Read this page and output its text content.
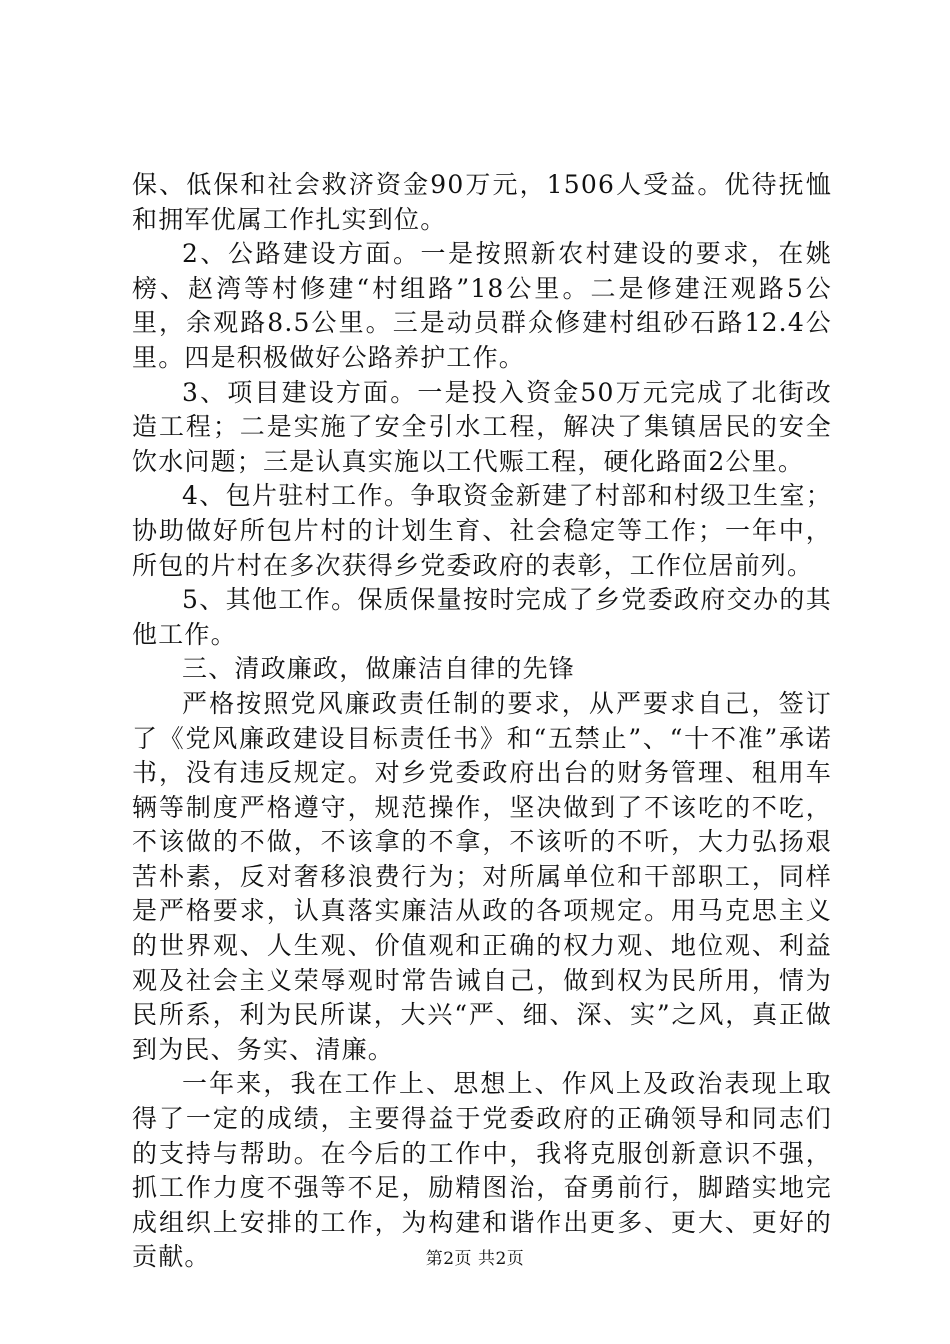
保、低保和社会救济资金90万元，1506人受益。优待抚恤和拥军优属工作扎实到位。

2、公路建设方面。一是按照新农村建设的要求，在姚榜、赵湾等村修建“村组路”18公里。二是修建汪观路5公里，余观路8.5公里。三是动员群众修建村组砂石路12.4公里。四是积极做好公路养护工作。

3、项目建设方面。一是投入资金50万元完成了北街改造工程；二是实施了安全引水工程，解决了集镇居民的安全饮水问题；三是认真实施以工代赈工程，硬化路面2公里。

4、包片驻村工作。争取资金新建了村部和村级卫生室；协助做好所包片村的计划生育、社会稳定等工作；一年中，所包的片村在多次获得乡党委政府的表彰，工作位居前列。

5、其他工作。保质保量按时完成了乡党委政府交办的其他工作。

三、清政廉政，做廉洁自律的先锋

严格按照党风廉政责任制的要求，从严要求自己，签订了《党风廉政建设目标责任书》和“五禁止”、“十不准”承诺书，没有违反规定。对乡党委政府出台的财务管理、租用车辆等制度严格遵守，规范操作，坚决做到了不该吃的不吃，不该做的不做，不该拿的不拿，不该听的不听，大力弘扬艰苦朴素，反对奢移浪费行为；对所属单位和干部职工，同样是严格要求，认真落实廉洁从政的各项规定。用马克思主义的世界观、人生观、价值观和正确的权力观、地位观、利益观及社会主义荣辱观时常告诫自己，做到权为民所用，情为民所系，利为民所谋，大兴“严、细、深、实”之风，真正做到为民、务实、清廉。

一年来，我在工作上、思想上、作风上及政治表现上取得了一定的成绩，主要得益于党委政府的正确领导和同志们的支持与帮助。在今后的工作中，我将克服创新意识不强，抓工作力度不强等不足，励精图治，奋勇前行，脚踏实地完成组织上安排的工作，为构建和谐作出更多、更大、更好的贡献。	第2页 共2页
